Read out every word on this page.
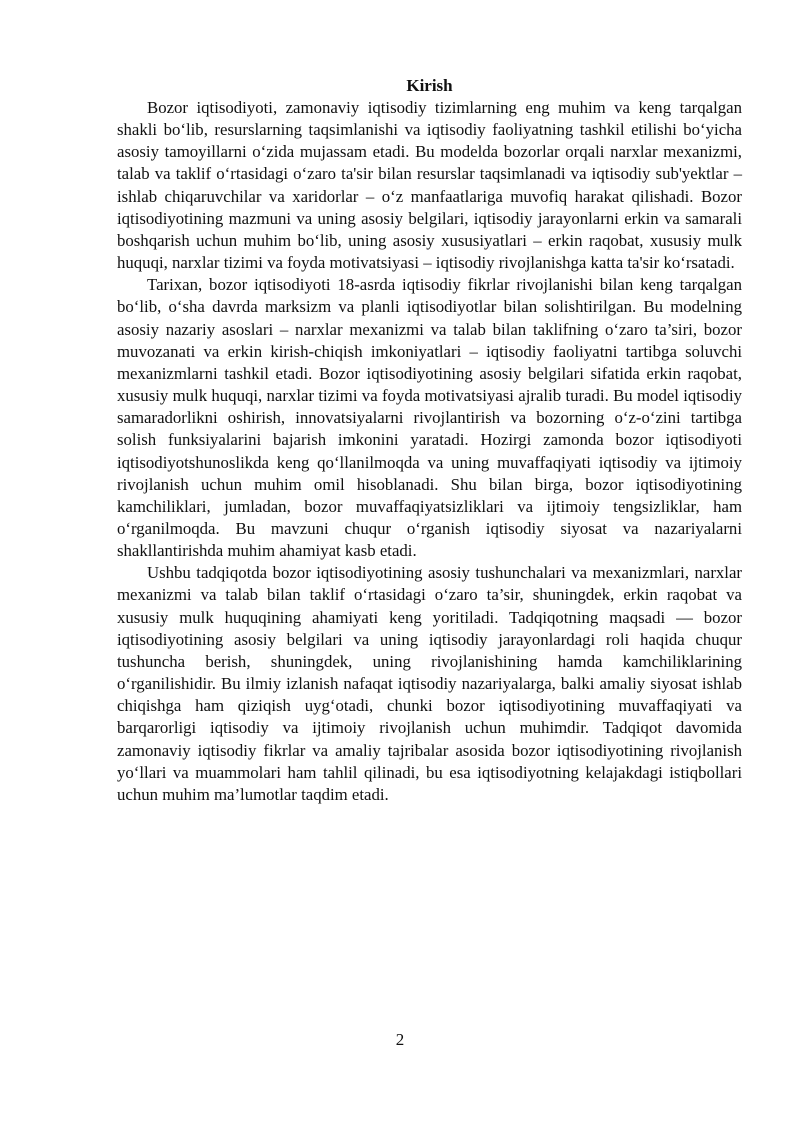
Kirish

Bozor iqtisodiyoti, zamonaviy iqtisodiy tizimlarning eng muhim va keng tarqalgan shakli bo‘lib, resurslarning taqsimlanishi va iqtisodiy faoliyatning tashkil etilishi bo‘yicha asosiy tamoyillarni o‘zida mujassam etadi. Bu modelda bozorlar orqali narxlar mexanizmi, talab va taklif o‘rtasidagi o‘zaro ta'sir bilan resurslar taqsimlanadi va iqtisodiy sub'yektlar – ishlab chiqaruvchilar va xaridorlar – o‘z manfaatlariga muvofiq harakat qilishadi. Bozor iqtisodiyotining mazmuni va uning asosiy belgilari, iqtisodiy jarayonlarni erkin va samarali boshqarish uchun muhim bo‘lib, uning asosiy xususiyatlari – erkin raqobat, xususiy mulk huquqi, narxlar tizimi va foyda motivatsiyasi – iqtisodiy rivojlanishga katta ta'sir ko‘rsatadi.

Tarixan, bozor iqtisodiyoti 18-asrda iqtisodiy fikrlar rivojlanishi bilan keng tarqalgan bo‘lib, o‘sha davrda marksizm va planli iqtisodiyotlar bilan solishtirilgan. Bu modelning asosiy nazariy asoslari – narxlar mexanizmi va talab bilan taklifning o‘zaro ta’siri, bozor muvozanati va erkin kirish-chiqish imkoniyatlari – iqtisodiy faoliyatni tartibga soluvchi mexanizmlarni tashkil etadi. Bozor iqtisodiyotining asosiy belgilari sifatida erkin raqobat, xususiy mulk huquqi, narxlar tizimi va foyda motivatsiyasi ajralib turadi. Bu model iqtisodiy samaradorlikni oshirish, innovatsiyalarni rivojlantirish va bozorning o‘z-o‘zini tartibga solish funksiyalarini bajarish imkonini yaratadi. Hozirgi zamonda bozor iqtisodiyoti iqtisodiyotshunoslikda keng qo‘llanilmoqda va uning muvaffaqiyati iqtisodiy va ijtimoiy rivojlanish uchun muhim omil hisoblanadi. Shu bilan birga, bozor iqtisodiyotining kamchiliklari, jumladan, bozor muvaffaqiyatsizliklari va ijtimoiy tengsizliklar, ham o‘rganilmoqda. Bu mavzuni chuqur o‘rganish iqtisodiy siyosat va nazariyalarni shakllantirishda muhim ahamiyat kasb etadi.

Ushbu tadqiqotda bozor iqtisodiyotining asosiy tushunchalari va mexanizmlari, narxlar mexanizmi va talab bilan taklif o‘rtasidagi o‘zaro ta’sir, shuningdek, erkin raqobat va xususiy mulk huquqining ahamiyati keng yoritiladi. Tadqiqotning maqsadi — bozor iqtisodiyotining asosiy belgilari va uning iqtisodiy jarayonlardagi roli haqida chuqur tushuncha berish, shuningdek, uning rivojlanishining hamda kamchiliklarining o‘rganilishidir. Bu ilmiy izlanish nafaqat iqtisodiy nazariyalarga, balki amaliy siyosat ishlab chiqishga ham qiziqish uyg‘otadi, chunki bozor iqtisodiyotining muvaffaqiyati va barqarorligi iqtisodiy va ijtimoiy rivojlanish uchun muhimdir. Tadqiqot davomida zamonaviy iqtisodiy fikrlar va amaliy tajribalar asosida bozor iqtisodiyotining rivojlanish yo‘llari va muammolari ham tahlil qilinadi, bu esa iqtisodiyotning kelajakdagi istiqbollari uchun muhim ma’lumotlar taqdim etadi.

2
